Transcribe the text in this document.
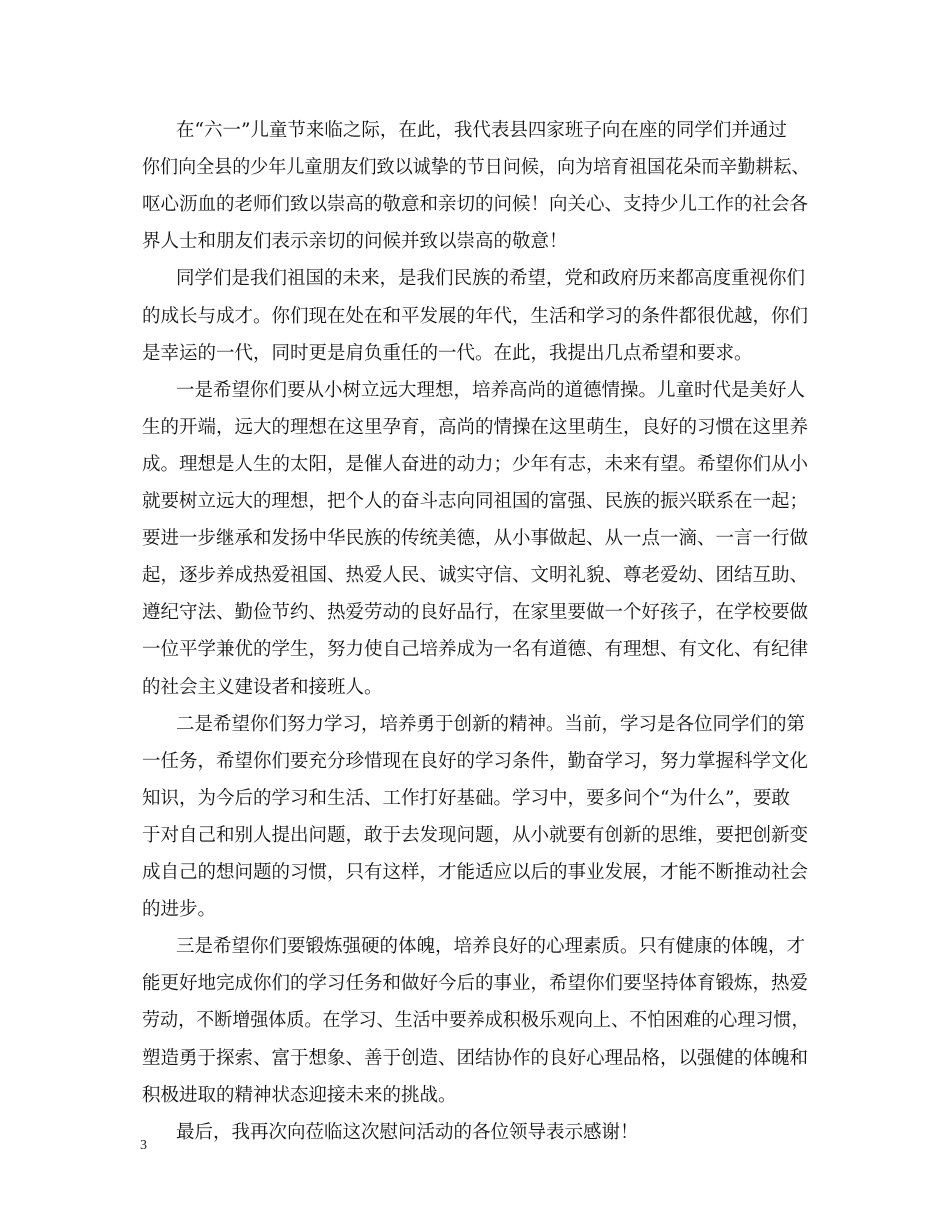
在“六一”儿童节来临之际，在此，我代表县四家班子向在座的同学们并通过
你们向全县的少年儿童朋友们致以诚挚的节日问候，向为培育祖国花朵而辛勤耕耘、
呕心沥血的老师们致以崇高的敬意和亲切的问候！向关心、支持少儿工作的社会各
界人士和朋友们表示亲切的问候并致以崇高的敬意！
同学们是我们祖国的未来，是我们民族的希望，党和政府历来都高度重视你们
的成长与成才。你们现在处在和平发展的年代，生活和学习的条件都很优越，你们
是幸运的一代，同时更是肩负重任的一代。在此，我提出几点希望和要求。
一是希望你们要从小树立远大理想，培养高尚的道德情操。儿童时代是美好人
生的开端，远大的理想在这里孕育，高尚的情操在这里萌生，良好的习惯在这里养
成。理想是人生的太阳，是催人奋进的动力；少年有志，未来有望。希望你们从小
就要树立远大的理想，把个人的奋斗志向同祖国的富强、民族的振兴联系在一起；
要进一步继承和发扬中华民族的传统美德，从小事做起、从一点一滴、一言一行做
起，逐步养成热爱祖国、热爱人民、诚实守信、文明礼貌、尊老爱幼、团结互助、
遵纪守法、勤俭节约、热爱劳动的良好品行，在家里要做一个好孩子，在学校要做
一位平学兼优的学生，努力使自己培养成为一名有道德、有理想、有文化、有纪律
的社会主义建设者和接班人。
二是希望你们努力学习，培养勇于创新的精神。当前，学习是各位同学们的第
一任务，希望你们要充分珍惜现在良好的学习条件，勤奋学习，努力掌握科学文化
知识，为今后的学习和生活、工作打好基础。学习中，要多问个“为什么”，要敢
于对自己和别人提出问题，敢于去发现问题，从小就要有创新的思维，要把创新变
成自己的想问题的习惯，只有这样，才能适应以后的事业发展，才能不断推动社会
的进步。
三是希望你们要锻炼强硬的体魄，培养良好的心理素质。只有健康的体魄，才
能更好地完成你们的学习任务和做好今后的事业，希望你们要坚持体育锻炼，热爱
劳动，不断增强体质。在学习、生活中要养成积极乐观向上、不怕困难的心理习惯，
塑造勇于探索、富于想象、善于创造、团结协作的良好心理品格，以强健的体魄和
积极进取的精神状态迎接未来的挑战。
最后，我再次向莅临这次慰问活动的各位领导表示感谢！
3
